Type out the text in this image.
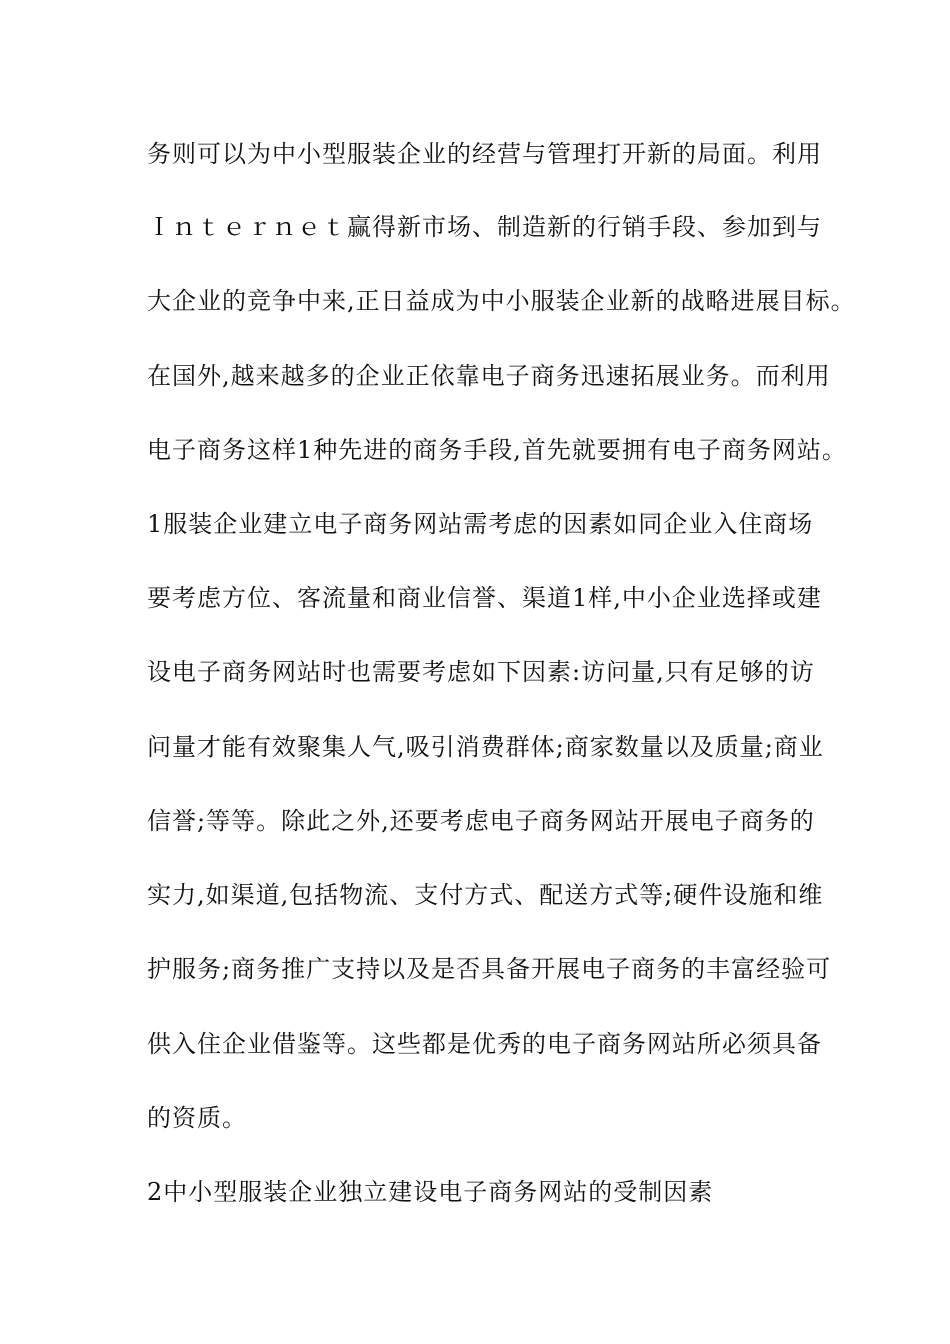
务则可以为中小型服装企业的经营与管理打开新的局面。利用
Ｉｎｔｅｒｎｅｔ赢得新市场、制造新的行销手段、参加到与
大企业的竞争中来,正日益成为中小服装企业新的战略进展目标。
在国外,越来越多的企业正依靠电子商务迅速拓展业务。而利用
电子商务这样1种先进的商务手段,首先就要拥有电子商务网站。
1服装企业建立电子商务网站需考虑的因素如同企业入住商场
要考虑方位、客流量和商业信誉、渠道1样,中小企业选择或建
设电子商务网站时也需要考虑如下因素:访问量,只有足够的访
问量才能有效聚集人气,吸引消费群体;商家数量以及质量;商业
信誉;等等。除此之外,还要考虑电子商务网站开展电子商务的
实力,如渠道,包括物流、支付方式、配送方式等;硬件设施和维
护服务;商务推广支持以及是否具备开展电子商务的丰富经验可
供入住企业借鉴等。这些都是优秀的电子商务网站所必须具备
的资质。
2中小型服装企业独立建设电子商务网站的受制因素
